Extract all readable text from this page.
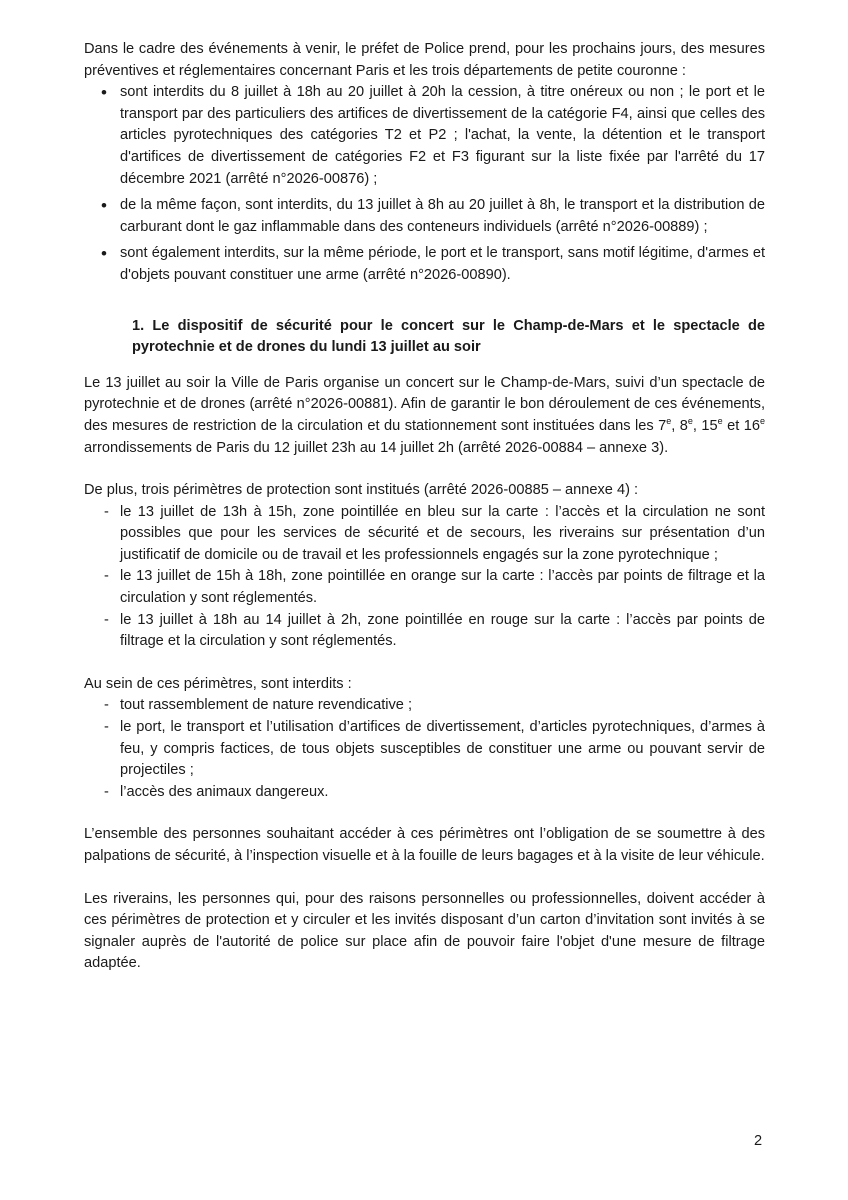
Dans le cadre des événements à venir, le préfet de Police prend, pour les prochains jours, des mesures préventives et réglementaires concernant Paris et les trois départements de petite couronne :

• sont interdits du 8 juillet à 18h au 20 juillet à 20h la cession, à titre onéreux ou non ; le port et le transport par des particuliers des artifices de divertissement de la catégorie F4, ainsi que celles des articles pyrotechniques des catégories T2 et P2 ; l'achat, la vente, la détention et le transport d'artifices de divertissement de catégories F2 et F3 figurant sur la liste fixée par l'arrêté du 17 décembre 2021 (arrêté n°2026-00876) ;
• de la même façon, sont interdits, du 13 juillet à 8h au 20 juillet à 8h, le transport et la distribution de carburant dont le gaz inflammable dans des conteneurs individuels (arrêté n°2026-00889) ;
• sont également interdits, sur la même période, le port et le transport, sans motif légitime, d'armes et d'objets pouvant constituer une arme (arrêté n°2026-00890).

1. Le dispositif de sécurité pour le concert sur le Champ-de-Mars et le spectacle de pyrotechnie et de drones du lundi 13 juillet au soir

Le 13 juillet au soir la Ville de Paris organise un concert sur le Champ-de-Mars, suivi d’un spectacle de pyrotechnie et de drones (arrêté n°2026-00881). Afin de garantir le bon déroulement de ces événements, des mesures de restriction de la circulation et du stationnement sont instituées dans les 7e, 8e, 15e et 16e arrondissements de Paris du 12 juillet 23h au 14 juillet 2h (arrêté 2026-00884 – annexe 3).

De plus, trois périmètres de protection sont institués (arrêté 2026-00885 – annexe 4) :

- le 13 juillet de 13h à 15h, zone pointillée en bleu sur la carte : l’accès et la circulation ne sont possibles que pour les services de sécurité et de secours, les riverains sur présentation d’un justificatif de domicile ou de travail et les professionnels engagés sur la zone pyrotechnique ;
- le 13 juillet de 15h à 18h, zone pointillée en orange sur la carte : l’accès par points de filtrage et la circulation y sont réglementés.
- le 13 juillet à 18h au 14 juillet à 2h, zone pointillée en rouge sur la carte : l’accès par points de filtrage et la circulation y sont réglementés.

Au sein de ces périmètres, sont interdits :

- tout rassemblement de nature revendicative ;
- le port, le transport et l’utilisation d’artifices de divertissement, d’articles pyrotechniques, d’armes à feu, y compris factices, de tous objets susceptibles de constituer une arme ou pouvant servir de projectiles ;
- l’accès des animaux dangereux.

L’ensemble des personnes souhaitant accéder à ces périmètres ont l’obligation de se soumettre à des palpations de sécurité, à l’inspection visuelle et à la fouille de leurs bagages et à la visite de leur véhicule.

Les riverains, les personnes qui, pour des raisons personnelles ou professionnelles, doivent accéder à ces périmètres de protection et y circuler et les invités disposant d’un carton d’invitation sont invités à se signaler auprès de l'autorité de police sur place afin de pouvoir faire l'objet d'une mesure de filtrage adaptée.

2
